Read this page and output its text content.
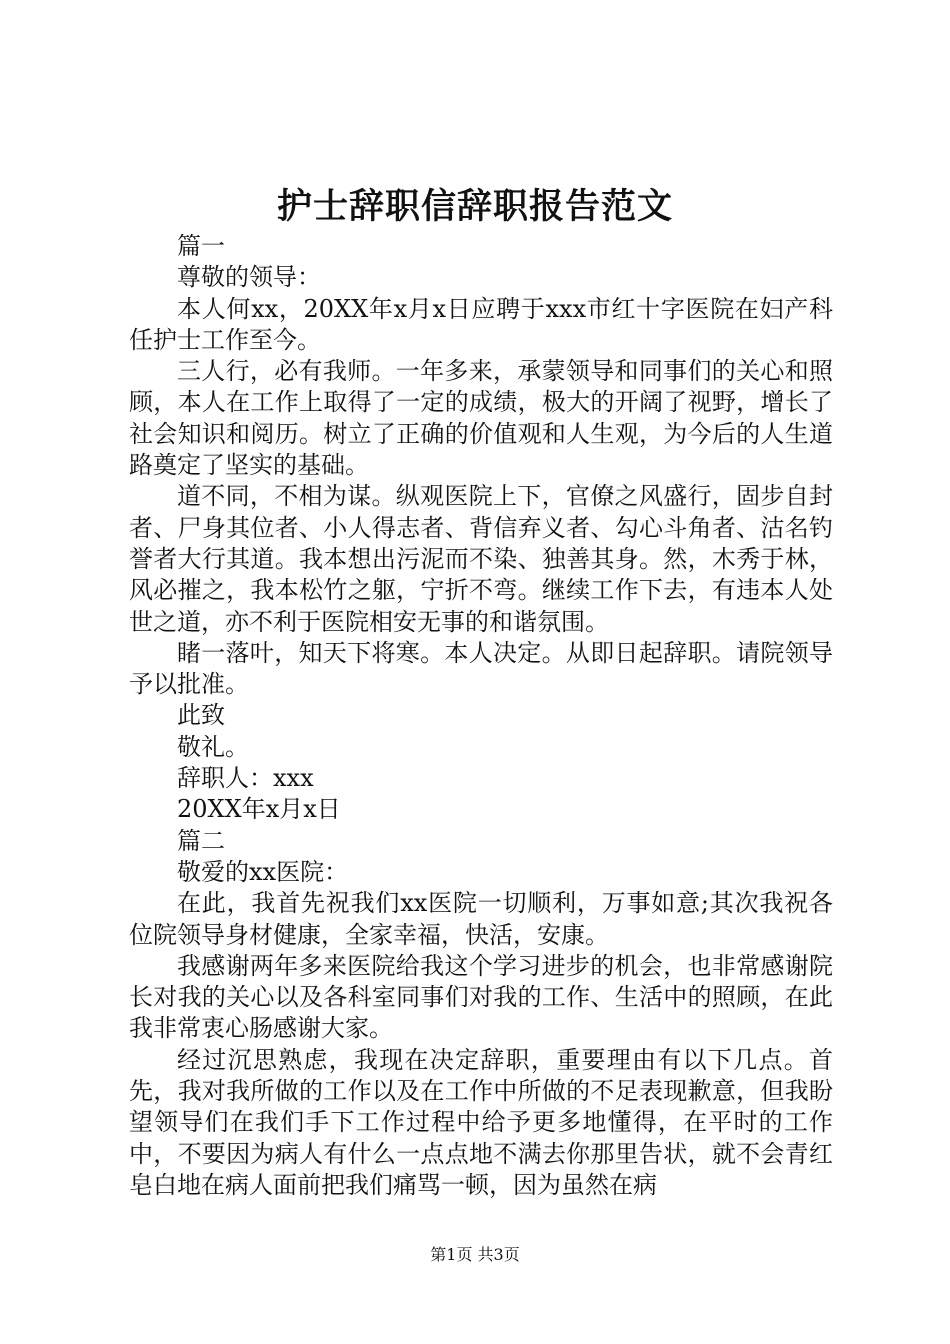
护士辞职信辞职报告范文

篇一

尊敬的领导：

本人何xx，20XX年x月x日应聘于xxx市红十字医院在妇产科任护士工作至今。

三人行，必有我师。一年多来，承蒙领导和同事们的关心和照顾，本人在工作上取得了一定的成绩，极大的开阔了视野，增长了社会知识和阅历。树立了正确的价值观和人生观，为今后的人生道路奠定了坚实的基础。

道不同，不相为谋。纵观医院上下，官僚之风盛行，固步自封者、尸身其位者、小人得志者、背信弃义者、勾心斗角者、沽名钓誉者大行其道。我本想出污泥而不染、独善其身。然，木秀于林，风必摧之，我本松竹之躯，宁折不弯。继续工作下去，有违本人处世之道，亦不利于医院相安无事的和谐氛围。

睹一落叶，知天下将寒。本人决定。从即日起辞职。请院领导予以批准。

此致

敬礼。

辞职人：xxx

20XX年x月x日

篇二

敬爱的xx医院：

在此，我首先祝我们xx医院一切顺利，万事如意;其次我祝各位院领导身材健康，全家幸福，快活，安康。

我感谢两年多来医院给我这个学习进步的机会，也非常感谢院长对我的关心以及各科室同事们对我的工作、生活中的照顾，在此我非常衷心肠感谢大家。

经过沉思熟虑，我现在决定辞职，重要理由有以下几点。首先，我对我所做的工作以及在工作中所做的不足表现歉意，但我盼望领导们在我们手下工作过程中给予更多地懂得，在平时的工作中，不要因为病人有什么一点点地不满去你那里告状，就不会青红皂白地在病人面前把我们痛骂一顿，因为虽然在病

第1页 共3页
